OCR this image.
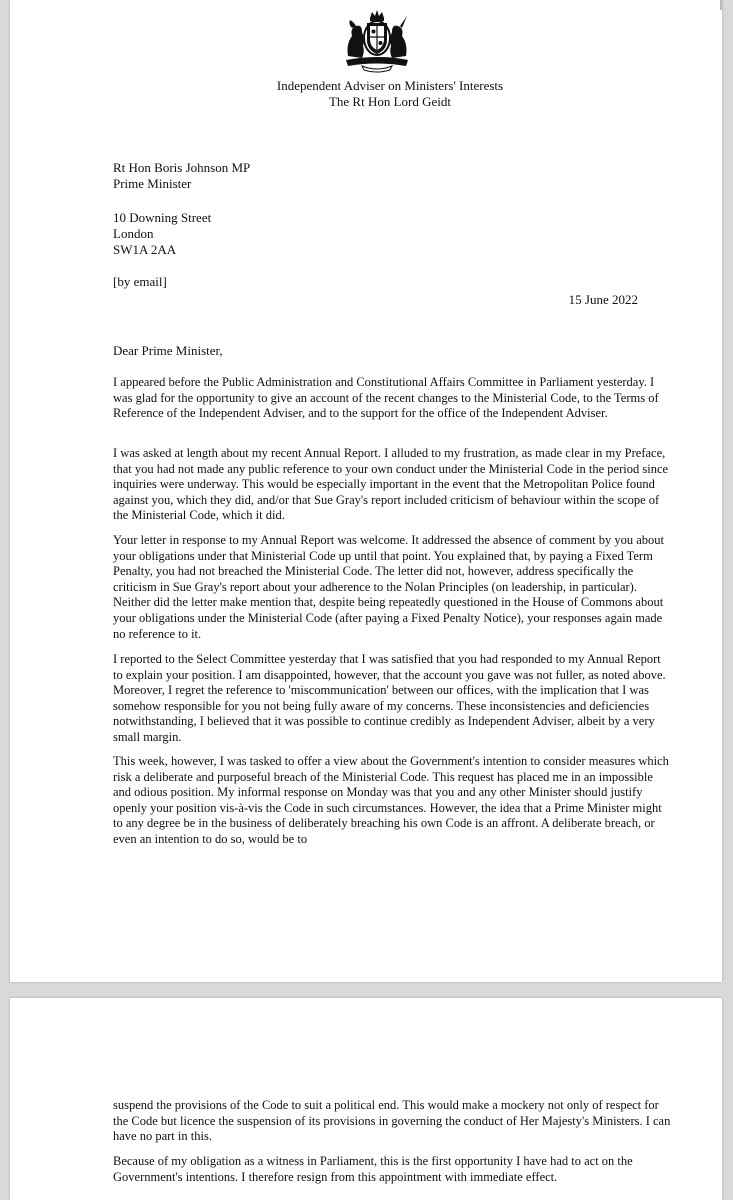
Independent Adviser on Ministers' Interests
The Rt Hon Lord Geidt
Rt Hon Boris Johnson MP
Prime Minister
10 Downing Street
London
SW1A 2AA
[by email]
15 June 2022
Dear Prime Minister,

I appeared before the Public Administration and Constitutional Affairs Committee in Parliament yesterday. I was glad for the opportunity to give an account of the recent changes to the Ministerial Code, to the Terms of Reference of the Independent Adviser, and to the support for the office of the Independent Adviser.

I was asked at length about my recent Annual Report. I alluded to my frustration, as made clear in my Preface, that you had not made any public reference to your own conduct under the Ministerial Code in the period since inquiries were underway. This would be especially important in the event that the Metropolitan Police found against you, which they did, and/or that Sue Gray's report included criticism of behaviour within the scope of the Ministerial Code, which it did.

Your letter in response to my Annual Report was welcome. It addressed the absence of comment by you about your obligations under that Ministerial Code up until that point. You explained that, by paying a Fixed Term Penalty, you had not breached the Ministerial Code. The letter did not, however, address specifically the criticism in Sue Gray's report about your adherence to the Nolan Principles (on leadership, in particular). Neither did the letter make mention that, despite being repeatedly questioned in the House of Commons about your obligations under the Ministerial Code (after paying a Fixed Penalty Notice), your responses again made no reference to it.

I reported to the Select Committee yesterday that I was satisfied that you had responded to my Annual Report to explain your position. I am disappointed, however, that the account you gave was not fuller, as noted above. Moreover, I regret the reference to 'miscommunication' between our offices, with the implication that I was somehow responsible for you not being fully aware of my concerns. These inconsistencies and deficiencies notwithstanding, I believed that it was possible to continue credibly as Independent Adviser, albeit by a very small margin.

This week, however, I was tasked to offer a view about the Government's intention to consider measures which risk a deliberate and purposeful breach of the Ministerial Code. This request has placed me in an impossible and odious position. My informal response on Monday was that you and any other Minister should justify openly your position vis-à-vis the Code in such circumstances. However, the idea that a Prime Minister might to any degree be in the business of deliberately breaching his own Code is an affront. A deliberate breach, or even an intention to do so, would be to

suspend the provisions of the Code to suit a political end. This would make a mockery not only of respect for the Code but licence the suspension of its provisions in governing the conduct of Her Majesty's Ministers. I can have no part in this.

Because of my obligation as a witness in Parliament, this is the first opportunity I have had to act on the Government's intentions. I therefore resign from this appointment with immediate effect.
